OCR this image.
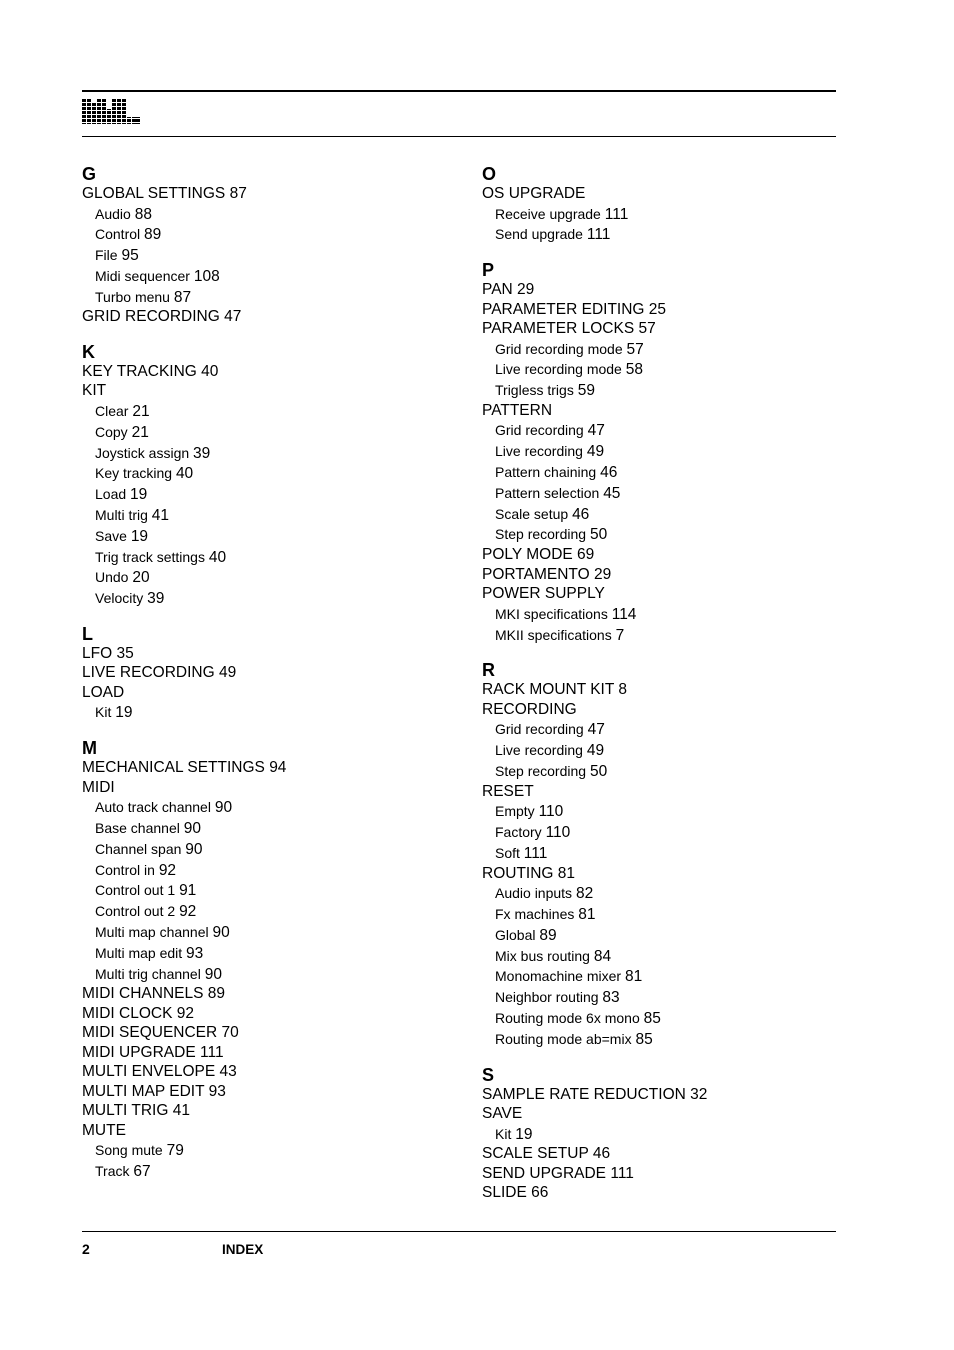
G
GLOBAL SETTINGS 87
Audio 88
Control 89
File 95
Midi sequencer 108
Turbo menu 87
GRID RECORDING 47
K
KEY TRACKING 40
KIT
Clear 21
Copy 21
Joystick assign 39
Key tracking 40
Load 19
Multi trig 41
Save 19
Trig track settings 40
Undo 20
Velocity 39
L
LFO 35
LIVE RECORDING 49
LOAD
Kit 19
M
MECHANICAL SETTINGS 94
MIDI
Auto track channel 90
Base channel 90
Channel span 90
Control in 92
Control out 1 91
Control out 2 92
Multi map channel 90
Multi map edit 93
Multi trig channel 90
MIDI CHANNELS 89
MIDI CLOCK 92
MIDI SEQUENCER 70
MIDI UPGRADE 111
MULTI ENVELOPE 43
MULTI MAP EDIT 93
MULTI TRIG 41
MUTE
Song mute 79
Track 67
O
OS UPGRADE
Receive upgrade 111
Send upgrade 111
P
PAN 29
PARAMETER EDITING 25
PARAMETER LOCKS 57
Grid recording mode 57
Live recording mode 58
Trigless trigs 59
PATTERN
Grid recording 47
Live recording 49
Pattern chaining 46
Pattern selection 45
Scale setup 46
Step recording 50
POLY MODE 69
PORTAMENTO 29
POWER SUPPLY
MKI specifications 114
MKII specifications 7
R
RACK MOUNT KIT 8
RECORDING
Grid recording 47
Live recording 49
Step recording 50
RESET
Empty 110
Factory 110
Soft 111
ROUTING 81
Audio inputs 82
Fx machines 81
Global 89
Mix bus routing 84
Monomachine mixer 81
Neighbor routing 83
Routing mode 6x mono 85
Routing mode ab=mix 85
S
SAMPLE RATE REDUCTION 32
SAVE
Kit 19
SCALE SETUP 46
SEND UPGRADE 111
SLIDE 66
2	INDEX
